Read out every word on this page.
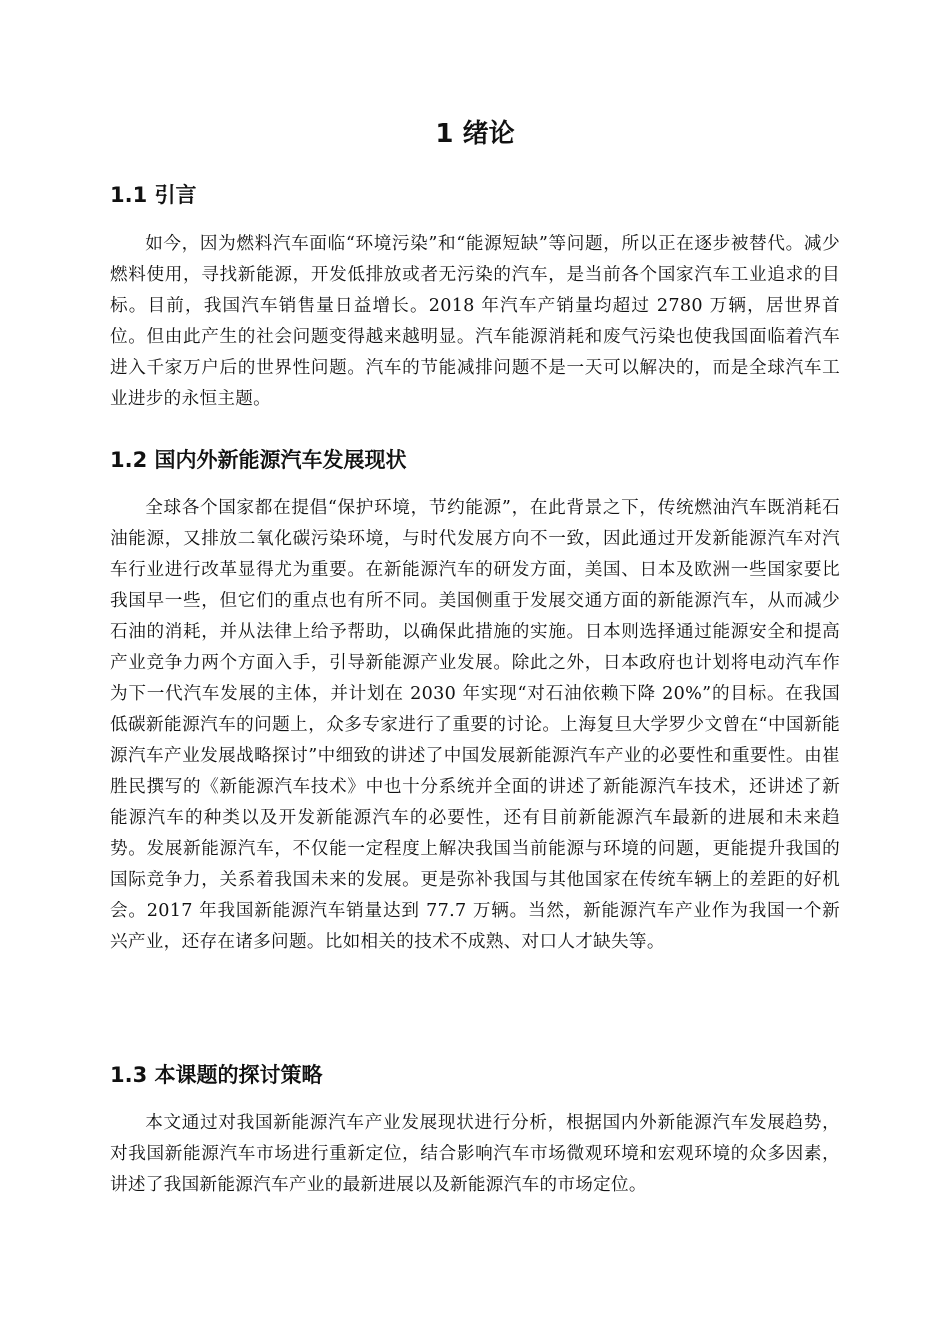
1 绪论
1.1 引言

如今，因为燃料汽车面临“环境污染”和“能源短缺”等问题，所以正在逐步被替代。减少燃料使用，寻找新能源，开发低排放或者无污染的汽车，是当前各个国家汽车工业追求的目标。目前，我国汽车销售量日益增长。2018 年汽车产销量均超过 2780 万辆，居世界首位。但由此产生的社会问题变得越来越明显。汽车能源消耗和废气污染也使我国面临着汽车进入千家万户后的世界性问题。汽车的节能减排问题不是一天可以解决的，而是全球汽车工业进步的永恒主题。

1.2 国内外新能源汽车发展现状

全球各个国家都在提倡“保护环境，节约能源”，在此背景之下，传统燃油汽车既消耗石油能源，又排放二氧化碳污染环境，与时代发展方向不一致，因此通过开发新能源汽车对汽车行业进行改革显得尤为重要。在新能源汽车的研发方面，美国、日本及欧洲一些国家要比我国早一些，但它们的重点也有所不同。美国侧重于发展交通方面的新能源汽车，从而减少石油的消耗，并从法律上给予帮助，以确保此措施的实施。日本则选择通过能源安全和提高产业竞争力两个方面入手，引导新能源产业发展。除此之外，日本政府也计划将电动汽车作为下一代汽车发展的主体，并计划在 2030 年实现“对石油依赖下降 20%”的目标。在我国低碳新能源汽车的问题上，众多专家进行了重要的讨论。上海复旦大学罗少文曾在“中国新能源汽车产业发展战略探讨”中细致的讲述了中国发展新能源汽车产业的必要性和重要性。由崔胜民撰写的《新能源汽车技术》中也十分系统并全面的讲述了新能源汽车技术，还讲述了新能源汽车的种类以及开发新能源汽车的必要性，还有目前新能源汽车最新的进展和未来趋势。发展新能源汽车，不仅能一定程度上解决我国当前能源与环境的问题，更能提升我国的国际竞争力，关系着我国未来的发展。更是弥补我国与其他国家在传统车辆上的差距的好机会。2017 年我国新能源汽车销量达到 77.7 万辆。当然，新能源汽车产业作为我国一个新兴产业，还存在诸多问题。比如相关的技术不成熟、对口人才缺失等。

1.3 本课题的探讨策略

本文通过对我国新能源汽车产业发展现状进行分析，根据国内外新能源汽车发展趋势，对我国新能源汽车市场进行重新定位，结合影响汽车市场微观环境和宏观环境的众多因素，讲述了我国新能源汽车产业的最新进展以及新能源汽车的市场定位。
